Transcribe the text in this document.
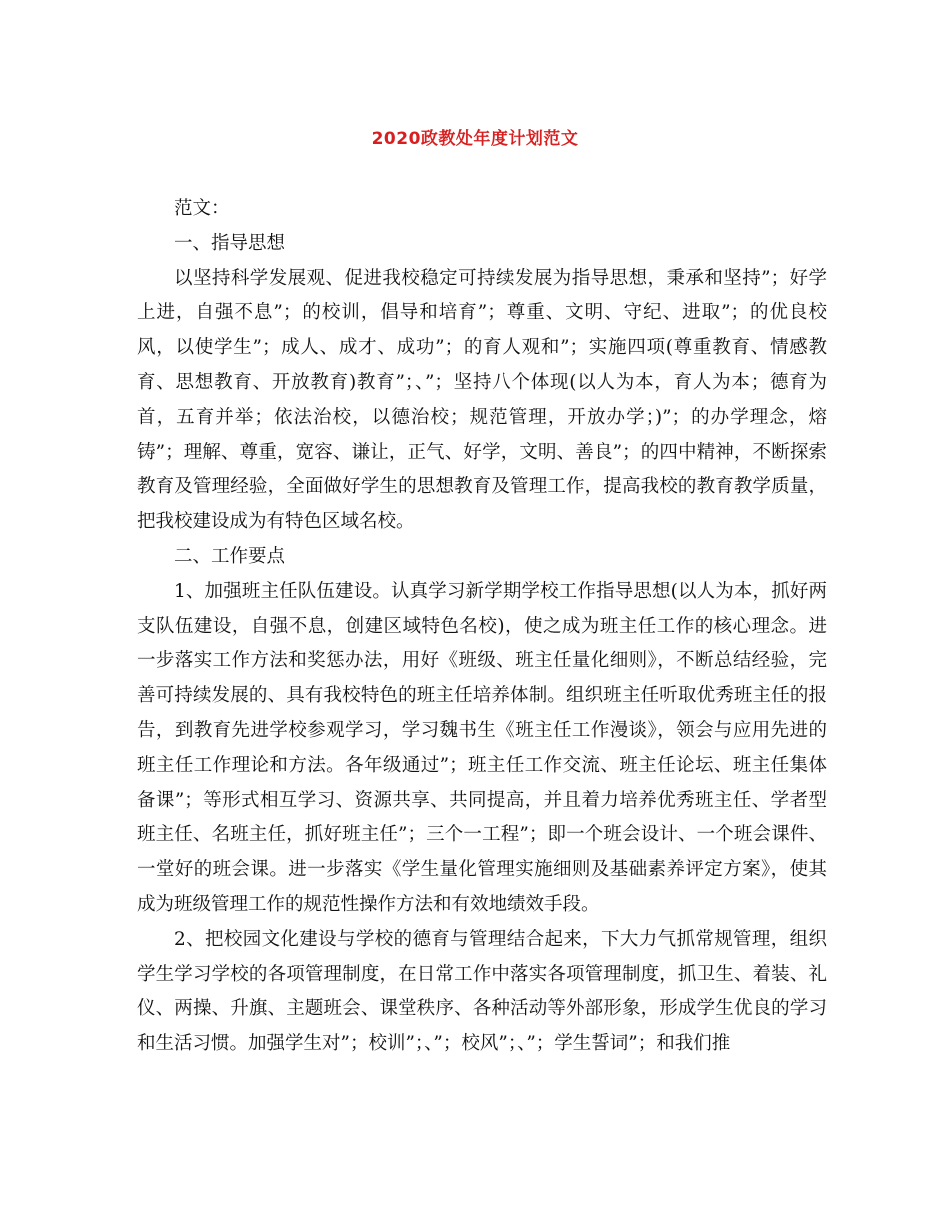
2020政教处年度计划范文

范文：

一、指导思想

以坚持科学发展观、促进我校稳定可持续发展为指导思想，秉承和坚持”；好学上进，自强不息”；的校训，倡导和培育”；尊重、文明、守纪、进取”；的优良校风，以使学生”；成人、成才、成功”；的育人观和”；实施四项(尊重教育、情感教育、思想教育、开放教育)教育”；、”；坚持八个体现(以人为本，育人为本；德育为首，五育并举；依法治校，以德治校；规范管理，开放办学；)”；的办学理念，熔铸”；理解、尊重，宽容、谦让，正气、好学，文明、善良”；的四中精神，不断探索教育及管理经验，全面做好学生的思想教育及管理工作，提高我校的教育教学质量，把我校建设成为有特色区域名校。

二、工作要点

1、加强班主任队伍建设。认真学习新学期学校工作指导思想(以人为本，抓好两支队伍建设，自强不息，创建区域特色名校)，使之成为班主任工作的核心理念。进一步落实工作方法和奖惩办法，用好《班级、班主任量化细则》，不断总结经验，完善可持续发展的、具有我校特色的班主任培养体制。组织班主任听取优秀班主任的报告，到教育先进学校参观学习，学习魏书生《班主任工作漫谈》，领会与应用先进的班主任工作理论和方法。各年级通过”；班主任工作交流、班主任论坛、班主任集体备课”；等形式相互学习、资源共享、共同提高，并且着力培养优秀班主任、学者型班主任、名班主任，抓好班主任”；三个一工程”；即一个班会设计、一个班会课件、一堂好的班会课。进一步落实《学生量化管理实施细则及基础素养评定方案》，使其成为班级管理工作的规范性操作方法和有效地绩效手段。

2、把校园文化建设与学校的德育与管理结合起来，下大力气抓常规管理，组织学生学习学校的各项管理制度，在日常工作中落实各项管理制度，抓卫生、着装、礼仪、两操、升旗、主题班会、课堂秩序、各种活动等外部形象，形成学生优良的学习和生活习惯。加强学生对”；校训”；、”；校风”；、”；学生誓词”；和我们推
